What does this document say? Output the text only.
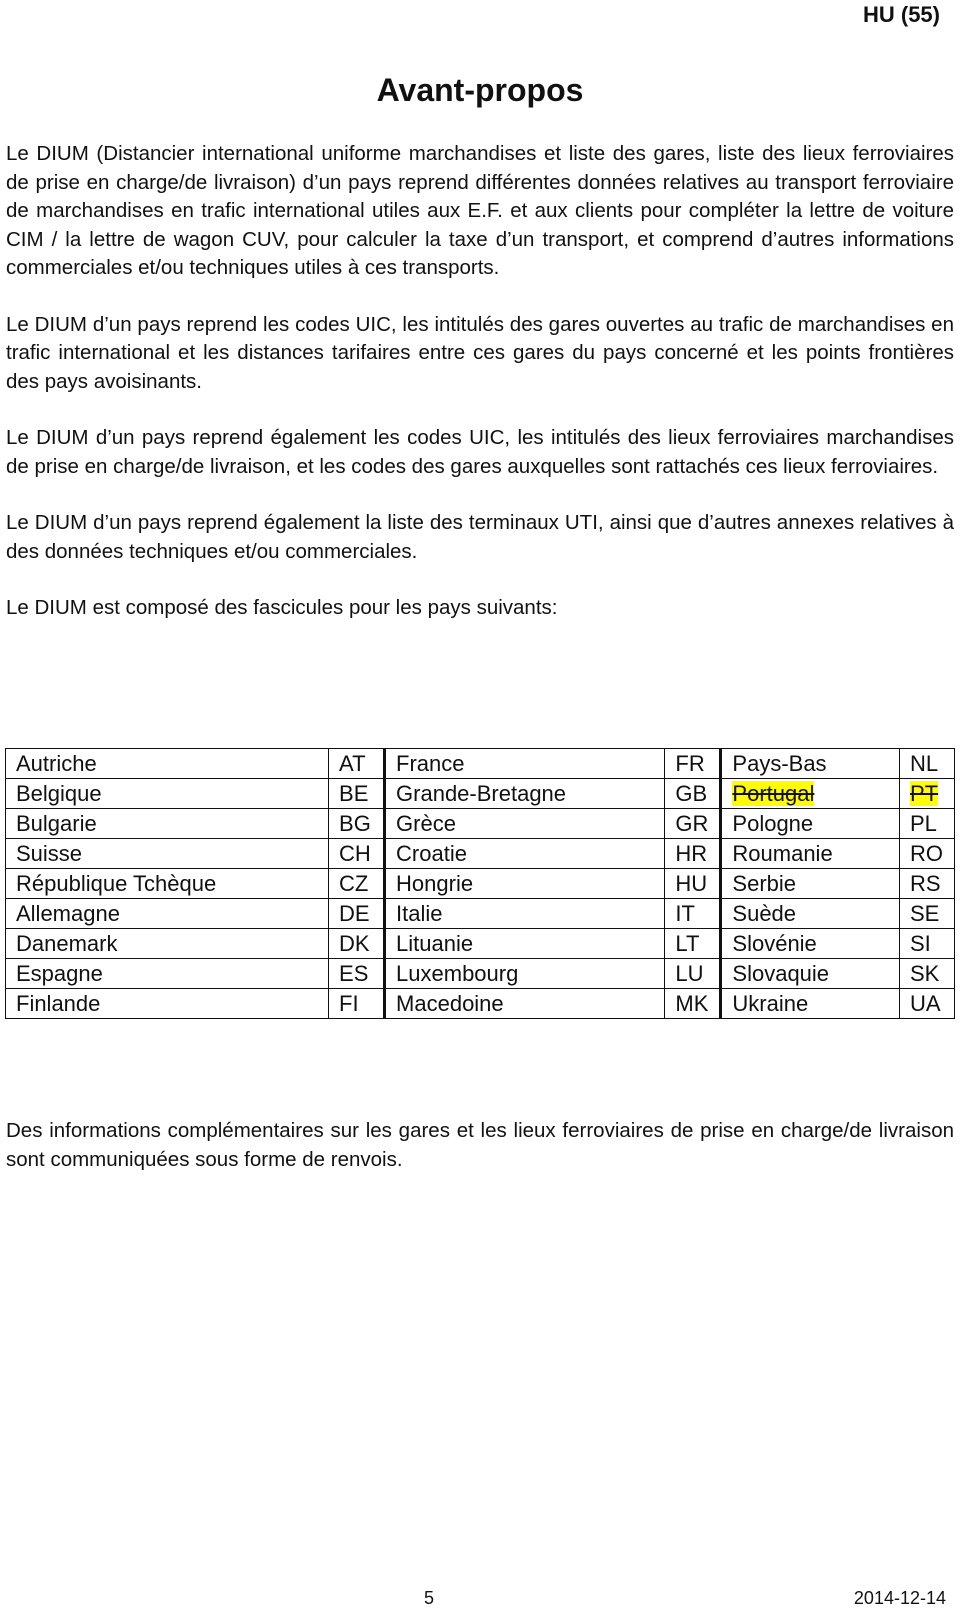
HU (55)
Avant-propos

Le DIUM (Distancier international uniforme marchandises et liste des gares, liste des lieux ferroviaires de prise en charge/de livraison) d’un pays reprend différentes données relatives au transport ferroviaire de marchandises en trafic international utiles aux E.F. et aux clients pour compléter la lettre de voiture CIM / la lettre de wagon CUV, pour calculer la taxe d’un transport, et comprend d’autres informations commerciales et/ou techniques utiles à ces transports.

Le DIUM d’un pays reprend les codes UIC, les intitulés des gares ouvertes au trafic de marchandises en trafic international et les distances tarifaires entre ces gares du pays concerné et les points frontières des pays avoisinants.

Le DIUM d’un pays reprend également les codes UIC, les intitulés des lieux ferroviaires marchandises de prise en charge/de livraison, et les codes des gares auxquelles sont rattachés ces lieux ferroviaires.

Le DIUM d’un pays reprend également la liste des terminaux UTI, ainsi que d’autres annexes relatives à des données techniques et/ou commerciales.

Le DIUM est composé des fascicules pour les pays suivants:

Autriche	AT	France	FR	Pays-Bas	NL
Belgique	BE	Grande-Bretagne	GB	Portugal	PT
Bulgarie	BG	Grèce	GR	Pologne	PL
Suisse	CH	Croatie	HR	Roumanie	RO
République Tchèque	CZ	Hongrie	HU	Serbie	RS
Allemagne	DE	Italie	IT	Suède	SE
Danemark	DK	Lituanie	LT	Slovénie	SI
Espagne	ES	Luxembourg	LU	Slovaquie	SK
Finlande	FI	Macedoine	MK	Ukraine	UA

Des informations complémentaires sur les gares et les lieux ferroviaires de prise en charge/de livraison sont communiquées sous forme de renvois.

5	2014-12-14
